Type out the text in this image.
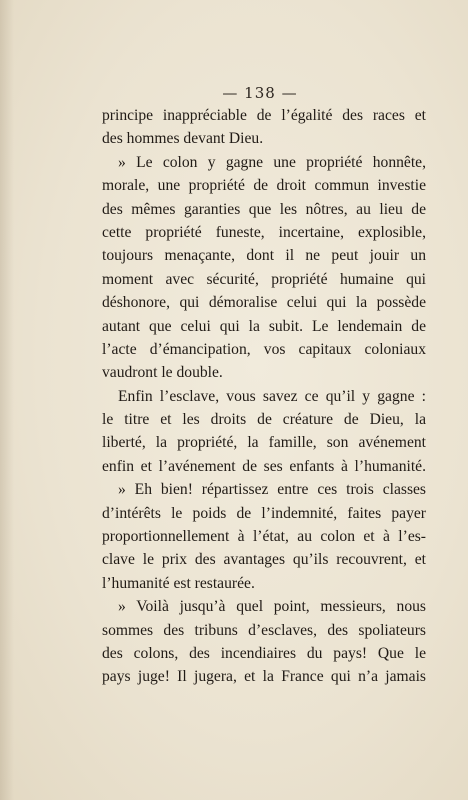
— 138 —
principe inappréciable de l’égalité des races et
des hommes devant Dieu.
» Le colon y gagne une propriété honnête,
morale, une propriété de droit commun investie
des mêmes garanties que les nôtres, au lieu de
cette propriété funeste, incertaine, explosible,
toujours menaçante, dont il ne peut jouir un
moment avec sécurité, propriété humaine qui
déshonore, qui démoralise celui qui la possède
autant que celui qui la subit. Le lendemain de
l’acte d’émancipation, vos capitaux coloniaux
vaudront le double.
Enfin l’esclave, vous savez ce qu’il y gagne :
le titre et les droits de créature de Dieu, la
liberté, la propriété, la famille, son avénement
enfin et l’avénement de ses enfants à l’humanité.
» Eh bien! répartissez entre ces trois classes
d’intérêts le poids de l’indemnité, faites payer
proportionnellement à l’état, au colon et à l’es-
clave le prix des avantages qu’ils recouvrent, et
l’humanité est restaurée.
» Voilà jusqu’à quel point, messieurs, nous
sommes des tribuns d’esclaves, des spoliateurs
des colons, des incendiaires du pays! Que le
pays juge! Il jugera, et la France qui n’a jamais
